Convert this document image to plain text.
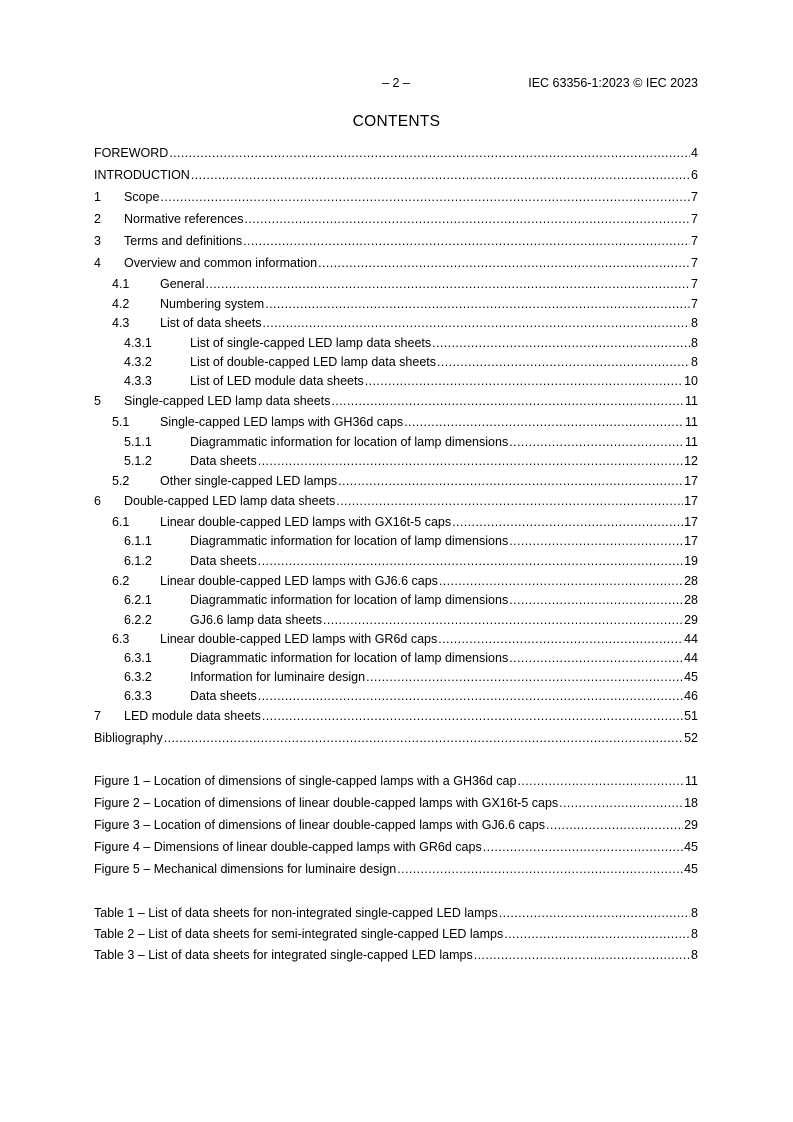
– 2 –	IEC 63356-1:2023 © IEC 2023
CONTENTS
FOREWORD .....	4
INTRODUCTION .....	6
1 Scope .....	7
2 Normative references .....	7
3 Terms and definitions .....	7
4 Overview and common information .....	7
4.1 General .....	7
4.2 Numbering system .....	7
4.3 List of data sheets .....	8
4.3.1	List of single-capped LED lamp data sheets .....	8
4.3.2	List of double-capped LED lamp data sheets .....	8
4.3.3	List of LED module data sheets .....	10
5 Single-capped LED lamp data sheets .....	11
5.1 Single-capped LED lamps with GH36d caps .....	11
5.1.1	Diagrammatic information for location of lamp dimensions .....	11
5.1.2	Data sheets .....	12
5.2 Other single-capped LED lamps .....	17
6 Double-capped LED lamp data sheets .....	17
6.1 Linear double-capped LED lamps with GX16t-5 caps .....	17
6.1.1	Diagrammatic information for location of lamp dimensions .....	17
6.1.2	Data sheets .....	19
6.2 Linear double-capped LED lamps with GJ6.6 caps .....	28
6.2.1	Diagrammatic information for location of lamp dimensions .....	28
6.2.2	GJ6.6 lamp data sheets .....	29
6.3 Linear double-capped LED lamps with GR6d caps .....	44
6.3.1	Diagrammatic information for location of lamp dimensions .....	44
6.3.2	Information for luminaire design .....	45
6.3.3	Data sheets .....	46
7 LED module data sheets .....	51
Bibliography .....	52
Figure 1 – Location of dimensions of single-capped lamps with a GH36d cap .....	11
Figure 2 – Location of dimensions of linear double-capped lamps with GX16t-5 caps .....	18
Figure 3 – Location of dimensions of linear double-capped lamps with GJ6.6 caps .....	29
Figure 4 – Dimensions of linear double-capped lamps with GR6d caps .....	45
Figure 5 – Mechanical dimensions for luminaire design .....	45
Table 1 – List of data sheets for non-integrated single-capped LED lamps .....	8
Table 2 – List of data sheets for semi-integrated single-capped LED lamps .....	8
Table 3 – List of data sheets for integrated single-capped LED lamps .....	8
